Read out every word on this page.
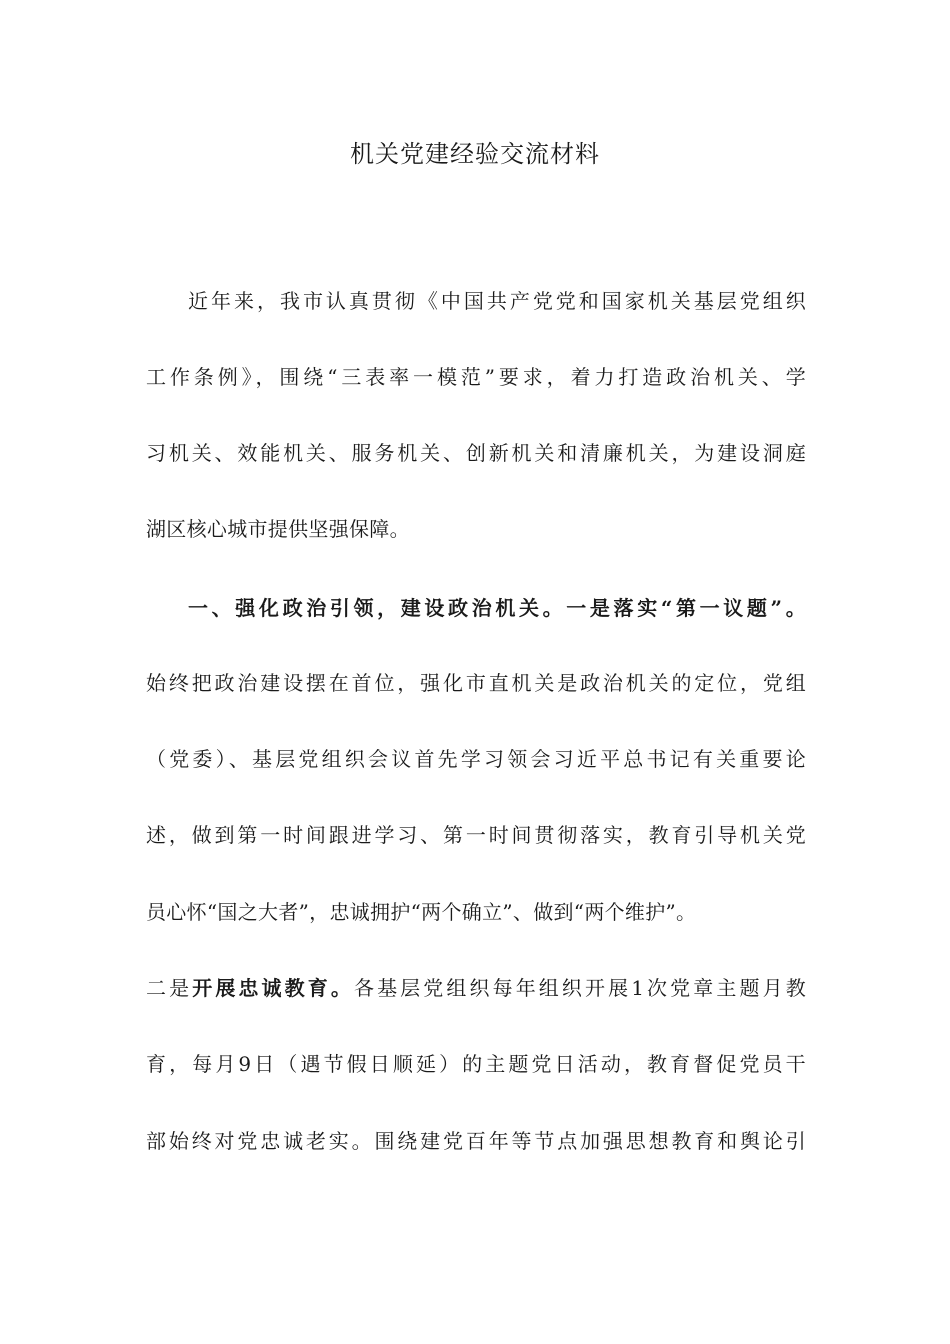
机关党建经验交流材料
近年来，我市认真贯彻《中国共产党党和国家机关基层党组织
工作条例》，围绕“三表率一模范”要求，着力打造政治机关、学
习机关、效能机关、服务机关、创新机关和清廉机关，为建设洞庭
湖区核心城市提供坚强保障。
一、强化政治引领，建设政治机关。一是落实“第一议题”。
始终把政治建设摆在首位，强化市直机关是政治机关的定位，党组
（党委）、基层党组织会议首先学习领会习近平总书记有关重要论
述，做到第一时间跟进学习、第一时间贯彻落实，教育引导机关党
员心怀“国之大者”，忠诚拥护“两个确立”、做到“两个维护”。
二是开展忠诚教育。各基层党组织每年组织开展1次党章主题月教
育，每月9日（遇节假日顺延）的主题党日活动，教育督促党员干
部始终对党忠诚老实。围绕建党百年等节点加强思想教育和舆论引
